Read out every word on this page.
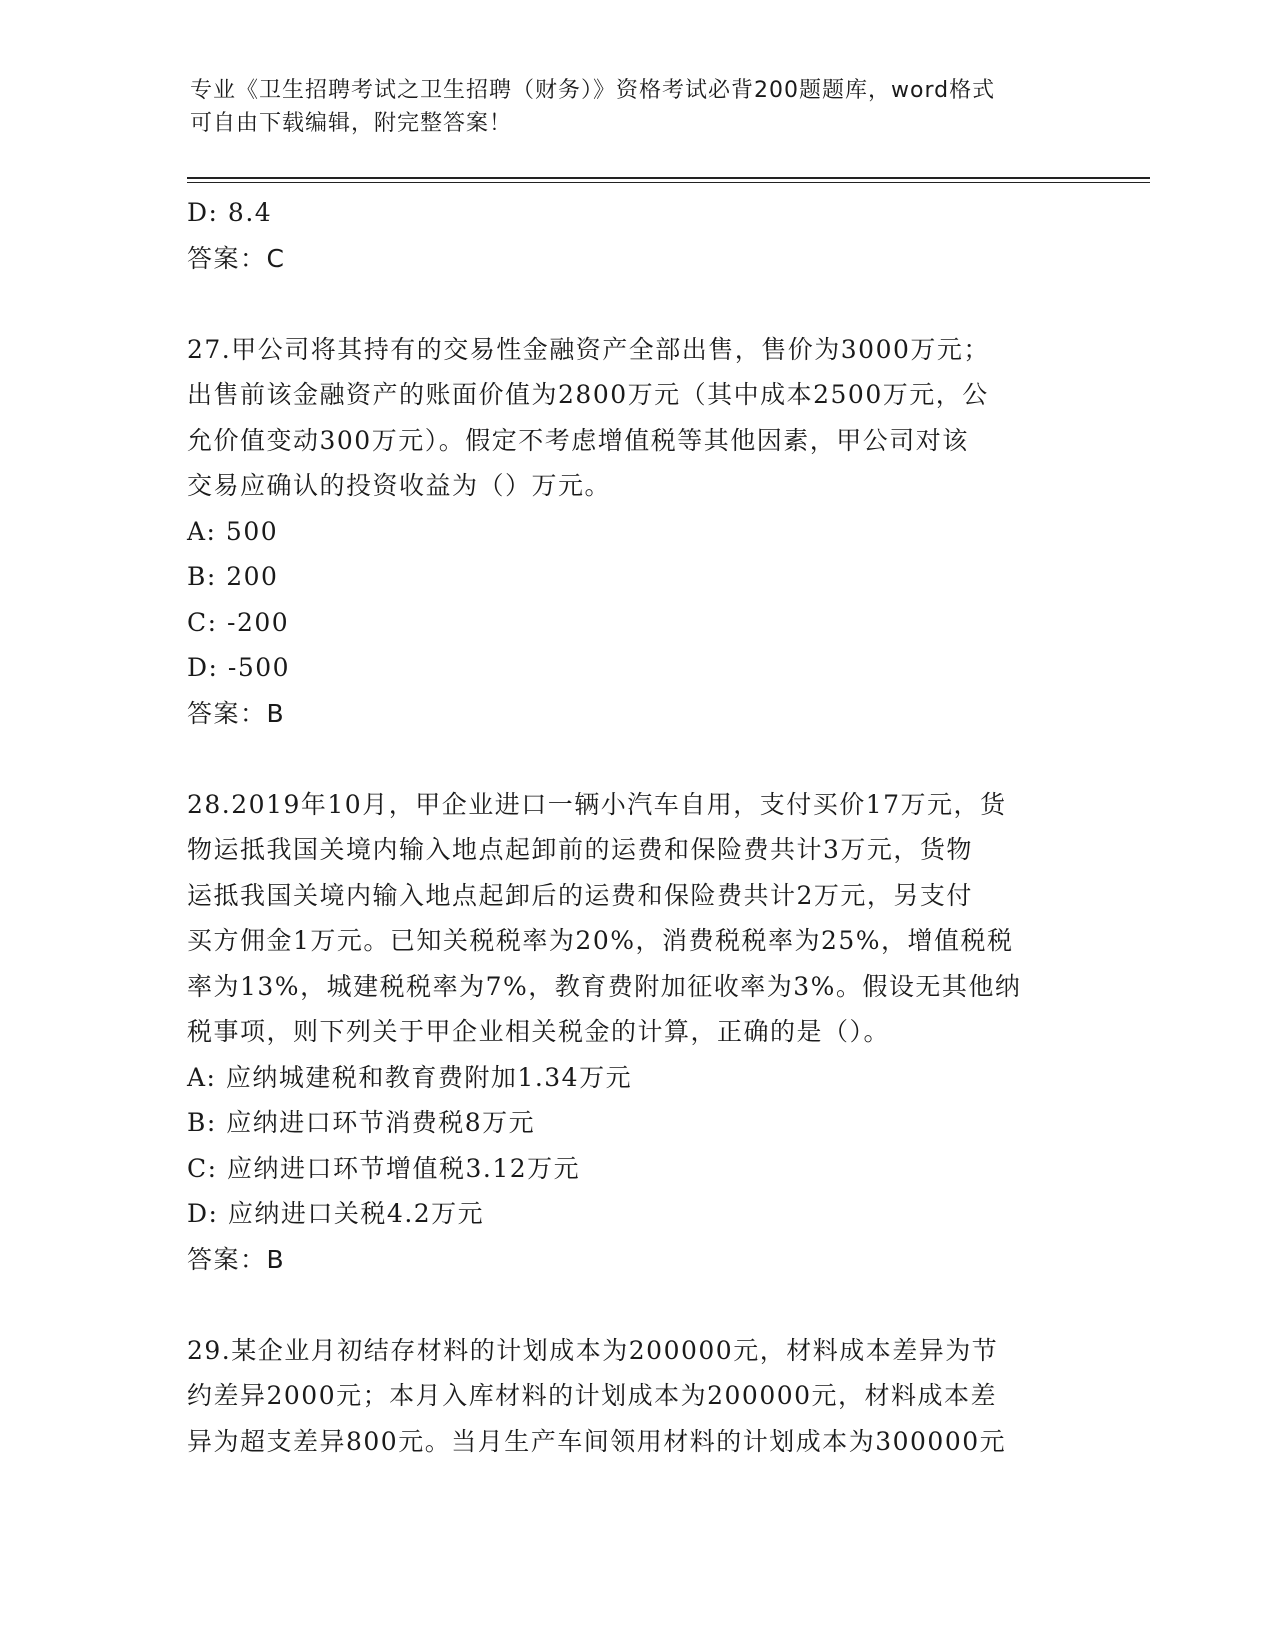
专业《卫生招聘考试之卫生招聘（财务）》资格考试必背200题题库，word格式
可自由下载编辑，附完整答案！
D: 8.4
答案：C
27.甲公司将其持有的交易性金融资产全部出售，售价为3000万元；
出售前该金融资产的账面价值为2800万元（其中成本2500万元，公
允价值变动300万元）。假定不考虑增值税等其他因素，甲公司对该
交易应确认的投资收益为（）万元。
A: 500
B: 200
C: -200
D: -500
答案：B
28.2019年10月，甲企业进口一辆小汽车自用，支付买价17万元，货
物运抵我国关境内输入地点起卸前的运费和保险费共计3万元，货物
运抵我国关境内输入地点起卸后的运费和保险费共计2万元，另支付
买方佣金1万元。已知关税税率为20%，消费税税率为25%，增值税税
率为13%，城建税税率为7%，教育费附加征收率为3%。假设无其他纳
税事项，则下列关于甲企业相关税金的计算，正确的是（）。
A: 应纳城建税和教育费附加1.34万元
B: 应纳进口环节消费税8万元
C: 应纳进口环节增值税3.12万元
D: 应纳进口关税4.2万元
答案：B
29.某企业月初结存材料的计划成本为200000元，材料成本差异为节
约差异2000元；本月入库材料的计划成本为200000元，材料成本差
异为超支差异800元。当月生产车间领用材料的计划成本为300000元
